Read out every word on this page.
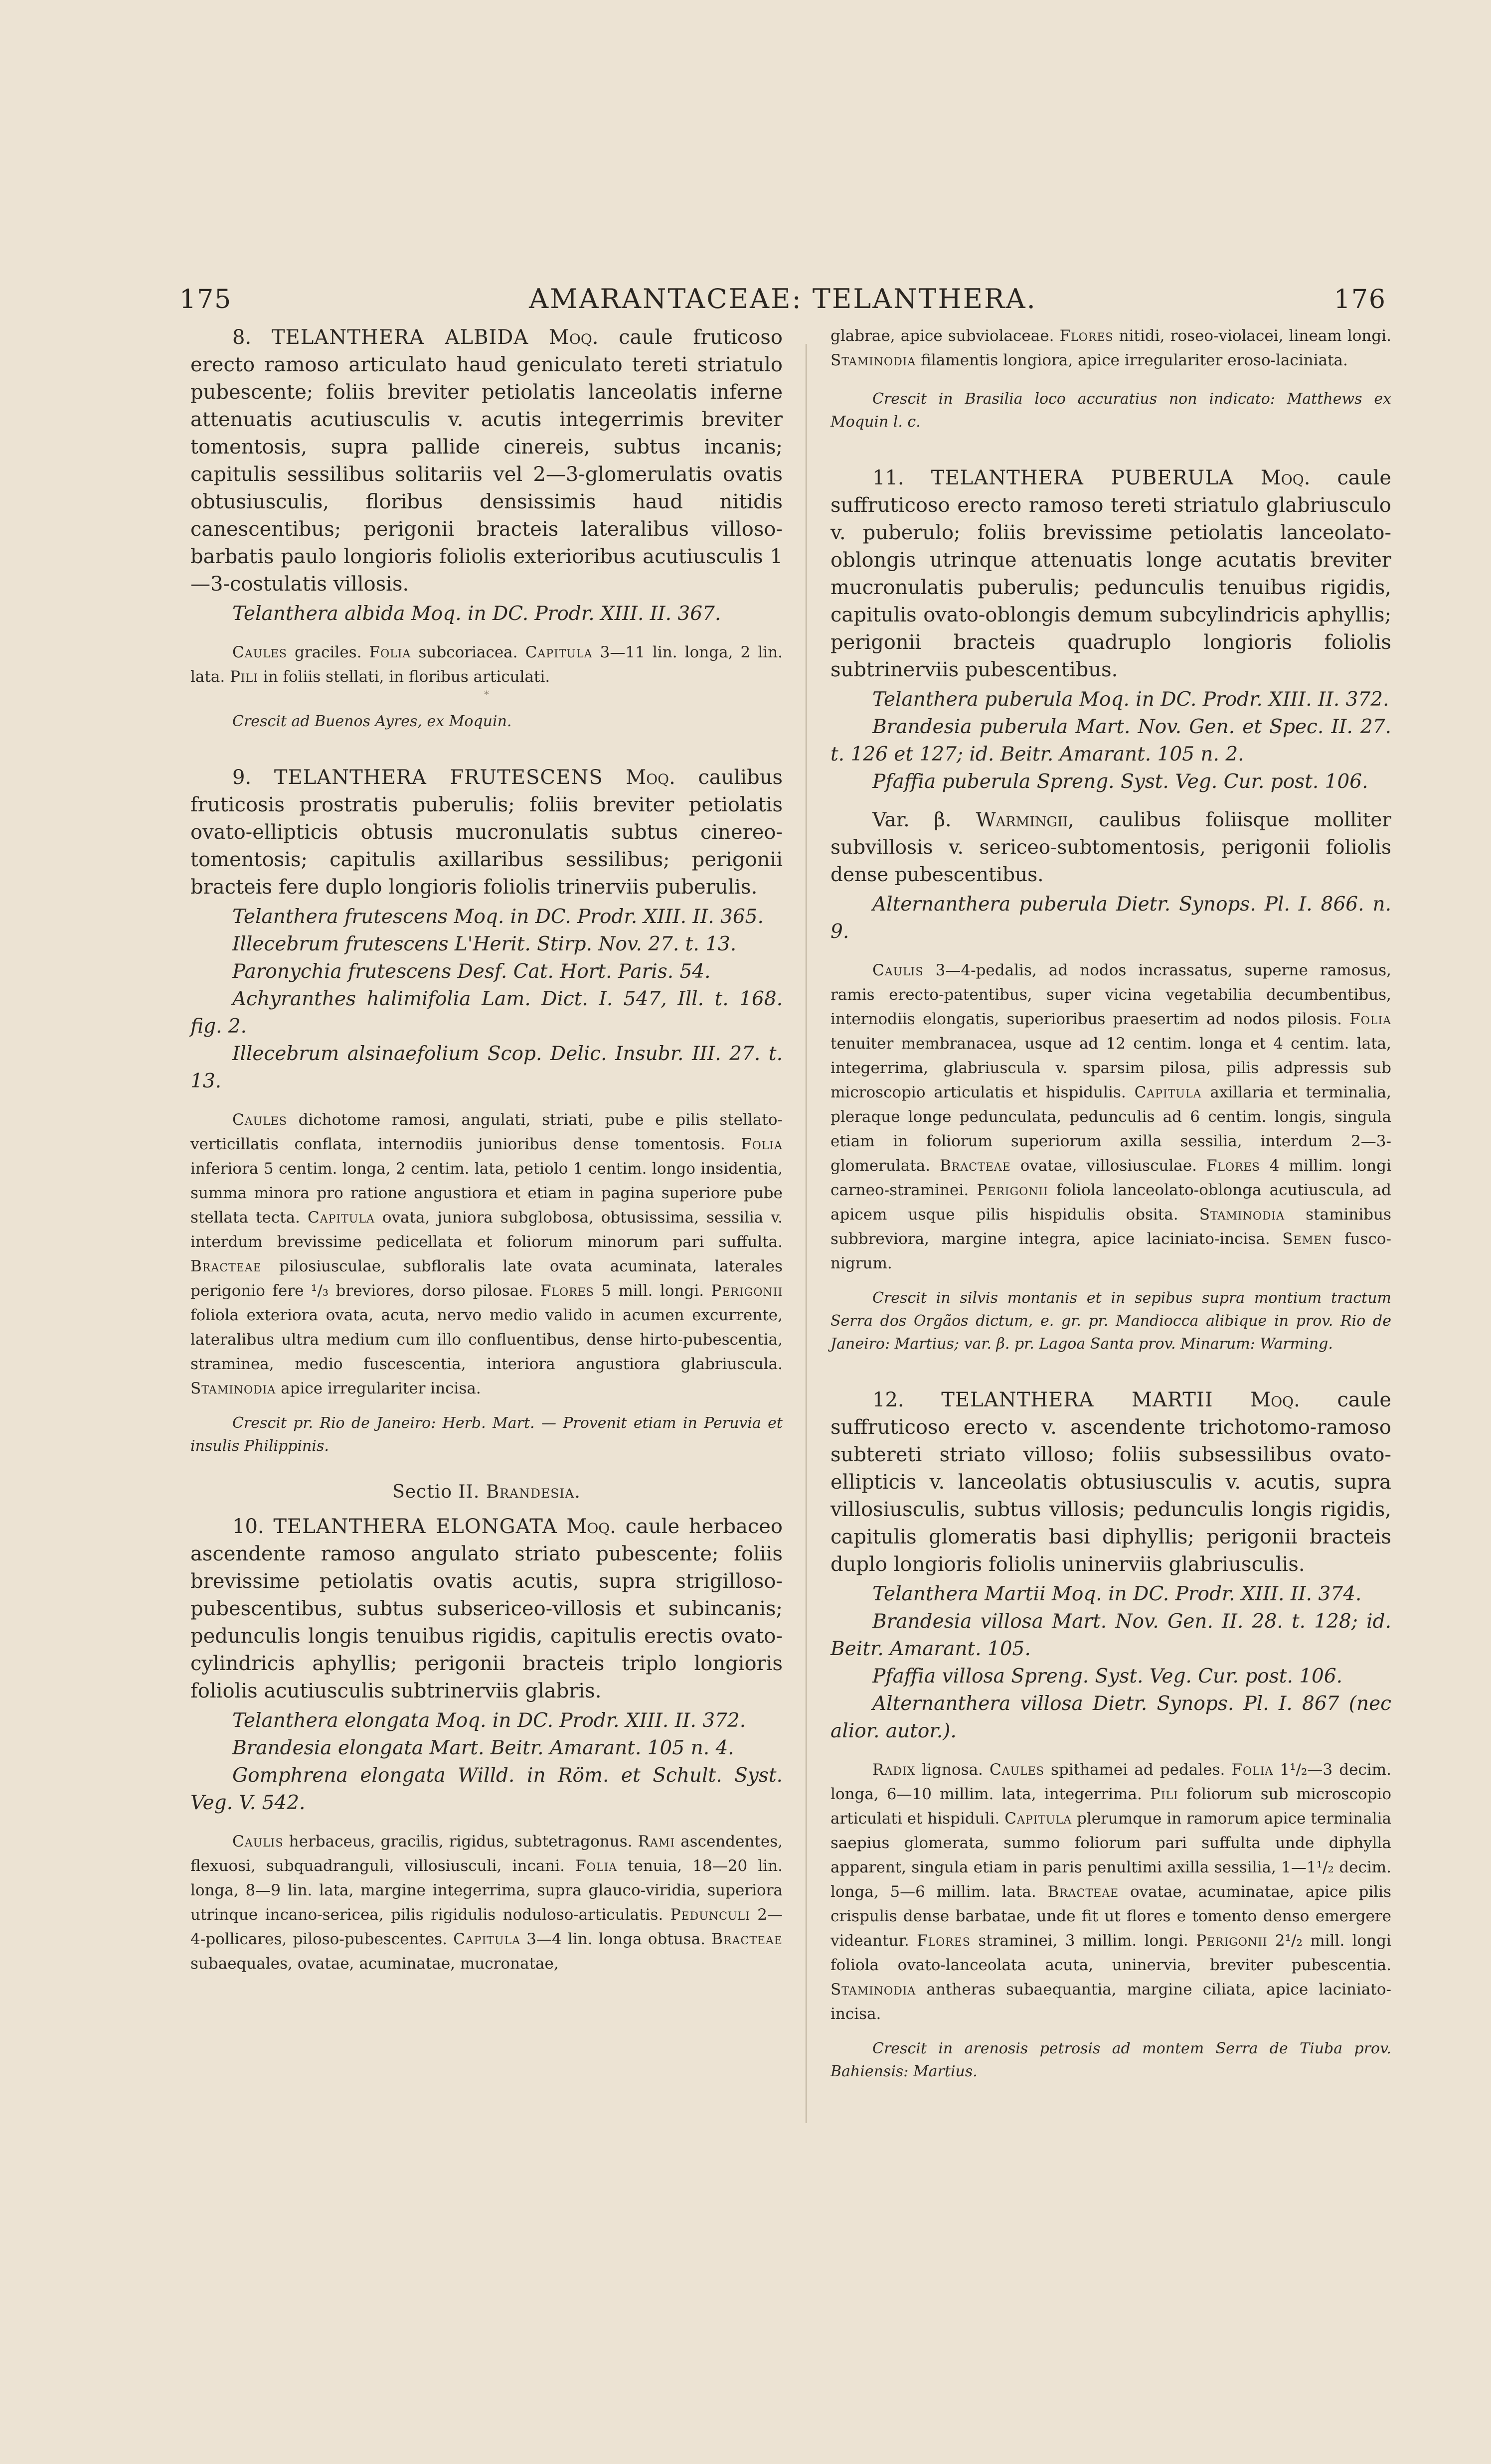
175	AMARANTACEAE: TELANTHERA.	176

8. TELANTHERA ALBIDA Moq. caule fruticoso erecto ramoso articulato haud geniculato tereti striatulo pubescente; foliis breviter petiolatis lanceolatis inferne attenuatis acutiusculis v. acutis integerrimis breviter tomentosis, supra pallide cinereis, subtus incanis; capitulis sessilibus solitariis vel 2—3-glomerulatis ovatis obtusiusculis, floribus densissimis haud nitidis canescentibus; perigonii bracteis lateralibus villoso-barbatis paulo longioris foliolis exterioribus acutiusculis 1—3-costulatis villosis.

Telanthera albida Moq. in DC. Prodr. XIII. II. 367.

Caules graciles. Folia subcoriacea. Capitula 3—11 lin. longa, 2 lin. lata. Pili in foliis stellati, in floribus articulati.

*

Crescit ad Buenos Ayres, ex Moquin.

9. TELANTHERA FRUTESCENS Moq. caulibus fruticosis prostratis puberulis; foliis breviter petiolatis ovato-ellipticis obtusis mucronulatis subtus cinereo-tomentosis; capitulis axillaribus sessilibus; perigonii bracteis fere duplo longioris foliolis trinerviis puberulis.

Telanthera frutescens Moq. in DC. Prodr. XIII. II. 365.

Illecebrum frutescens L'Herit. Stirp. Nov. 27. t. 13.

Paronychia frutescens Desf. Cat. Hort. Paris. 54.

Achyranthes halimifolia Lam. Dict. I. 547, Ill. t. 168. fig. 2.

Illecebrum alsinaefolium Scop. Delic. Insubr. III. 27. t. 13.

Caules dichotome ramosi, angulati, striati, pube e pilis stellato-verticillatis conflata, internodiis junioribus dense tomentosis. Folia inferiora 5 centim. longa, 2 centim. lata, petiolo 1 centim. longo insidentia, summa minora pro ratione angustiora et etiam in pagina superiore pube stellata tecta. Capitula ovata, juniora subglobosa, obtusissima, sessilia v. interdum brevissime pedicellata et foliorum minorum pari suffulta. Bracteae pilosiusculae, subfloralis late ovata acuminata, laterales perigonio fere ¹/₃ breviores, dorso pilosae. Flores 5 mill. longi. Perigonii foliola exteriora ovata, acuta, nervo medio valido in acumen excurrente, lateralibus ultra medium cum illo confluentibus, dense hirto-pubescentia, straminea, medio fuscescentia, interiora angustiora glabriuscula. Staminodia apice irregulariter incisa.

Crescit pr. Rio de Janeiro: Herb. Mart. — Provenit etiam in Peruvia et insulis Philippinis.

Sectio II. Brandesia.

10. TELANTHERA ELONGATA Moq. caule herbaceo ascendente ramoso angulato striato pubescente; foliis brevissime petiolatis ovatis acutis, supra strigilloso-pubescentibus, subtus subsericeo-villosis et subincanis; pedunculis longis tenuibus rigidis, capitulis erectis ovato-cylindricis aphyllis; perigonii bracteis triplo longioris foliolis acutiusculis subtrinerviis glabris.

Telanthera elongata Moq. in DC. Prodr. XIII. II. 372.

Brandesia elongata Mart. Beitr. Amarant. 105 n. 4.

Gomphrena elongata Willd. in Röm. et Schult. Syst. Veg. V. 542.

Caulis herbaceus, gracilis, rigidus, subtetragonus. Rami ascendentes, flexuosi, subquadranguli, villosiusculi, incani. Folia tenuia, 18—20 lin. longa, 8—9 lin. lata, margine integerrima, supra glauco-viridia, superiora utrinque incano-sericea, pilis rigidulis noduloso-articulatis. Pedunculi 2—4-pollicares, piloso-pubescentes. Capitula 3—4 lin. longa obtusa. Bracteae subaequales, ovatae, acuminatae, mucronatae,

glabrae, apice subviolaceae. Flores nitidi, roseo-violacei, lineam longi. Staminodia filamentis longiora, apice irregulariter eroso-laciniata.

Crescit in Brasilia loco accuratius non indicato: Matthews ex Moquin l. c.

11. TELANTHERA PUBERULA Moq. caule suffruticoso erecto ramoso tereti striatulo glabriusculo v. puberulo; foliis brevissime petiolatis lanceolato-oblongis utrinque attenuatis longe acutatis breviter mucronulatis puberulis; pedunculis tenuibus rigidis, capitulis ovato-oblongis demum subcylindricis aphyllis; perigonii bracteis quadruplo longioris foliolis subtrinerviis pubescentibus.

Telanthera puberula Moq. in DC. Prodr. XIII. II. 372.

Brandesia puberula Mart. Nov. Gen. et Spec. II. 27. t. 126 et 127; id. Beitr. Amarant. 105 n. 2.

Pfaffia puberula Spreng. Syst. Veg. Cur. post. 106.

Var. β. Warmingii, caulibus foliisque molliter subvillosis v. sericeo-subtomentosis, perigonii foliolis dense pubescentibus.

Alternanthera puberula Dietr. Synops. Pl. I. 866. n. 9.

Caulis 3—4-pedalis, ad nodos incrassatus, superne ramosus, ramis erecto-patentibus, super vicina vegetabilia decumbentibus, internodiis elongatis, superioribus praesertim ad nodos pilosis. Folia tenuiter membranacea, usque ad 12 centim. longa et 4 centim. lata, integerrima, glabriuscula v. sparsim pilosa, pilis adpressis sub microscopio articulatis et hispidulis. Capitula axillaria et terminalia, pleraque longe pedunculata, pedunculis ad 6 centim. longis, singula etiam in foliorum superiorum axilla sessilia, interdum 2—3-glomerulata. Bracteae ovatae, villosiusculae. Flores 4 millim. longi carneo-straminei. Perigonii foliola lanceolato-oblonga acutiuscula, ad apicem usque pilis hispidulis obsita. Staminodia staminibus subbreviora, margine integra, apice laciniato-incisa. Semen fusco-nigrum.

Crescit in silvis montanis et in sepibus supra montium tractum Serra dos Orgãos dictum, e. gr. pr. Mandiocca alibique in prov. Rio de Janeiro: Martius; var. β. pr. Lagoa Santa prov. Minarum: Warming.

12. TELANTHERA MARTII Moq. caule suffruticoso erecto v. ascendente trichotomo-ramoso subtereti striato villoso; foliis subsessilibus ovato-ellipticis v. lanceolatis obtusiusculis v. acutis, supra villosiusculis, subtus villosis; pedunculis longis rigidis, capitulis glomeratis basi diphyllis; perigonii bracteis duplo longioris foliolis uninerviis glabriusculis.

Telanthera Martii Moq. in DC. Prodr. XIII. II. 374.

Brandesia villosa Mart. Nov. Gen. II. 28. t. 128; id. Beitr. Amarant. 105.

Pfaffia villosa Spreng. Syst. Veg. Cur. post. 106.

Alternanthera villosa Dietr. Synops. Pl. I. 867 (nec alior. autor.).

Radix lignosa. Caules spithamei ad pedales. Folia 1¹/₂—3 decim. longa, 6—10 millim. lata, integerrima. Pili foliorum sub microscopio articulati et hispiduli. Capitula plerumque in ramorum apice terminalia saepius glomerata, summo foliorum pari suffulta unde diphylla apparent, singula etiam in paris penultimi axilla sessilia, 1—1¹/₂ decim. longa, 5—6 millim. lata. Bracteae ovatae, acuminatae, apice pilis crispulis dense barbatae, unde fit ut flores e tomento denso emergere videantur. Flores straminei, 3 millim. longi. Perigonii 2¹/₂ mill. longi foliola ovato-lanceolata acuta, uninervia, breviter pubescentia. Staminodia antheras subaequantia, margine ciliata, apice laciniato-incisa.

Crescit in arenosis petrosis ad montem Serra de Tiuba prov. Bahiensis: Martius.
